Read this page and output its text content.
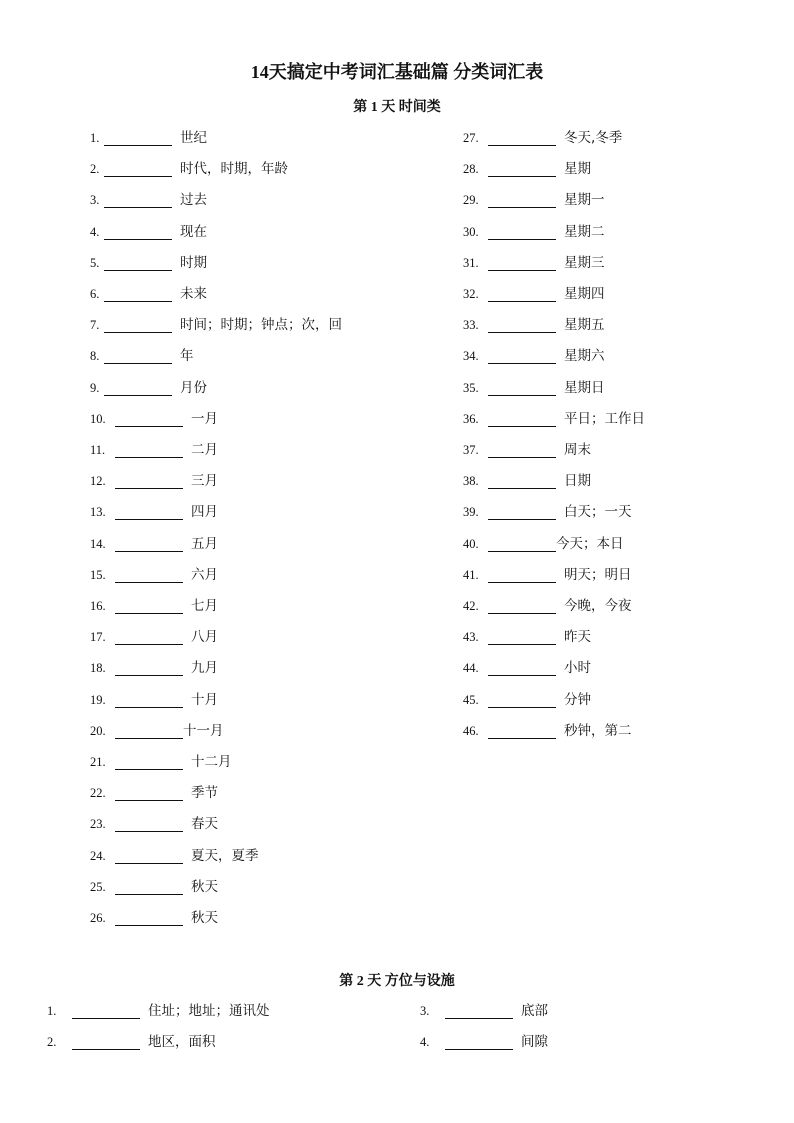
14天搞定中考词汇基础篇 分类词汇表
第 1 天 时间类
1.	世纪
2.	时代，时期，年龄
3.	过去
4.	现在
5.	时期
6.	未来
7.	时间；时期；钟点；次，回
8.	年
9.	月份
10.	一月
11.	二月
12.	三月
13.	四月
14.	五月
15.	六月
16.	七月
17.	八月
18.	九月
19.	十月
20.	十一月
21.	十二月
22.	季节
23.	春天
24.	夏天，夏季
25.	秋天
26.	秋天
27.	冬天,冬季
28.	星期
29.	星期一
30.	星期二
31.	星期三
32.	星期四
33.	星期五
34.	星期六
35.	星期日
36.	平日；工作日
37.	周末
38.	日期
39.	白天；一天
40.	今天；本日
41.	明天；明日
42.	今晚，今夜
43.	昨天
44.	小时
45.	分钟
46.	秒钟，第二
第 2 天 方位与设施
1.	住址；地址；通讯处
2.	地区，面积
3.	底部
4.	间隙
